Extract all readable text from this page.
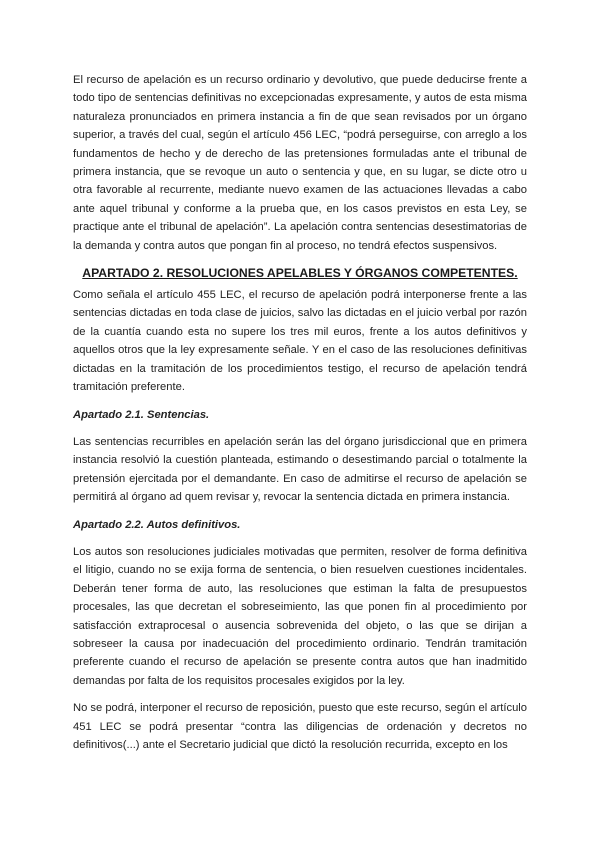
El recurso de apelación es un recurso ordinario y devolutivo, que puede deducirse frente a todo tipo de sentencias definitivas no excepcionadas expresamente, y autos de esta misma naturaleza pronunciados en primera instancia a fin de que sean revisados por un órgano superior, a través del cual, según el artículo 456 LEC, “podrá perseguirse, con arreglo a los fundamentos de hecho y de derecho de las pretensiones formuladas ante el tribunal de primera instancia, que se revoque un auto o sentencia y que, en su lugar, se dicte otro u otra favorable al recurrente, mediante nuevo examen de las actuaciones llevadas a cabo ante aquel tribunal y conforme a la prueba que, en los casos previstos en esta Ley, se practique ante el tribunal de apelación”. La apelación contra sentencias desestimatorias de la demanda y contra autos que pongan fin al proceso, no tendrá efectos suspensivos.

APARTADO 2. RESOLUCIONES APELABLES Y ÓRGANOS COMPETENTES.

Como señala el artículo 455 LEC, el recurso de apelación podrá interponerse frente a las sentencias dictadas en toda clase de juicios, salvo las dictadas en el juicio verbal por razón de la cuantía cuando esta no supere los tres mil euros, frente a los autos definitivos y aquellos otros que la ley expresamente señale. Y en el caso de las resoluciones definitivas dictadas en la tramitación de los procedimientos testigo, el recurso de apelación tendrá tramitación preferente.

Apartado 2.1. Sentencias.

Las sentencias recurribles en apelación serán las del órgano jurisdiccional que en primera instancia resolvió la cuestión planteada, estimando o desestimando parcial o totalmente la pretensión ejercitada por el demandante. En caso de admitirse el recurso de apelación se permitirá al órgano ad quem revisar y, revocar la sentencia dictada en primera instancia.

Apartado 2.2. Autos definitivos.

Los autos son resoluciones judiciales motivadas que permiten, resolver de forma definitiva el litigio, cuando no se exija forma de sentencia, o bien resuelven cuestiones incidentales. Deberán tener forma de auto, las resoluciones que estiman la falta de presupuestos procesales, las que decretan el sobreseimiento, las que ponen fin al procedimiento por satisfacción extraprocesal o ausencia sobrevenida del objeto, o las que se dirijan a sobreseer la causa por inadecuación del procedimiento ordinario. Tendrán tramitación preferente cuando el recurso de apelación se presente contra autos que han inadmitido demandas por falta de los requisitos procesales exigidos por la ley.

No se podrá, interponer el recurso de reposición, puesto que este recurso, según el artículo 451 LEC se podrá presentar “contra las diligencias de ordenación y decretos no definitivos(...) ante el Secretario judicial que dictó la resolución recurrida, excepto en los
